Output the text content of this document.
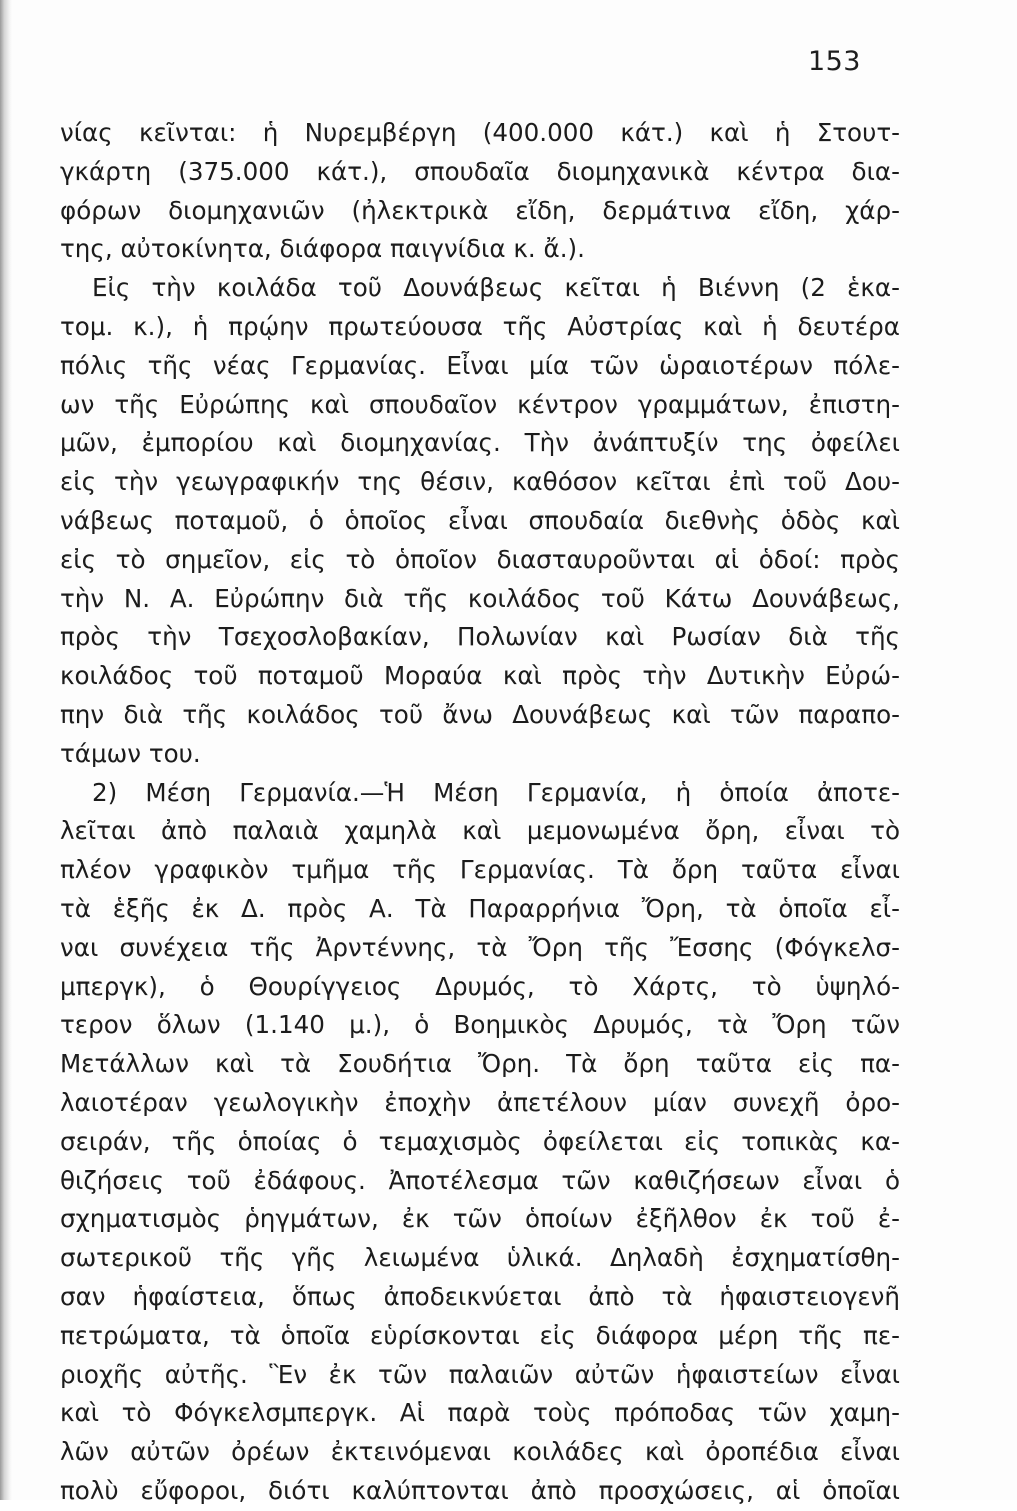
153
νίας κεῖνται: ἡ Νυρεμβέργη (400.000 κάτ.) καὶ ἡ Στουτ-
γκάρτη (375.000 κάτ.), σπουδαῖα διομηχανικὰ κέντρα δια-
φόρων διομηχανιῶν (ἠλεκτρικὰ εἴδη, δερμάτινα εἴδη, χάρ-
της, αὐτοκίνητα, διάφορα παιγνίδια κ. ἄ.).
Εἰς τὴν κοιλάδα τοῦ Δουνάβεως κεῖται ἡ Βιέννη (2 ἑκα-
τομ. κ.), ἡ πρῴην πρωτεύουσα τῆς Αὐστρίας καὶ ἡ δευτέρα
πόλις τῆς νέας Γερμανίας. Εἶναι μία τῶν ὡραιοτέρων πόλε-
ων τῆς Εὐρώπης καὶ σπουδαῖον κέντρον γραμμάτων, ἐπιστη-
μῶν, ἐμπορίου καὶ διομηχανίας. Τὴν ἀνάπτυξίν της ὀφείλει
εἰς τὴν γεωγραφικήν της θέσιν, καθόσον κεῖται ἐπὶ τοῦ Δου-
νάβεως ποταμοῦ, ὁ ὁποῖος εἶναι σπουδαία διεθνὴς ὁδὸς καὶ
εἰς τὸ σημεῖον, εἰς τὸ ὁποῖον διασταυροῦνται αἱ ὁδοί: πρὸς
τὴν Ν. Α. Εὐρώπην διὰ τῆς κοιλάδος τοῦ Κάτω Δουνάβεως,
πρὸς τὴν Τσεχοσλοβακίαν, Πολωνίαν καὶ Ρωσίαν διὰ τῆς
κοιλάδος τοῦ ποταμοῦ Μοραύα καὶ πρὸς τὴν Δυτικὴν Εὐρώ-
πην διὰ τῆς κοιλάδος τοῦ ἄνω Δουνάβεως καὶ τῶν παραπο-
τάμων του.
2) Μέση Γερμανία.—Ἡ Μέση Γερμανία, ἡ ὁποία ἀποτε-
λεῖται ἀπὸ παλαιὰ χαμηλὰ καὶ μεμονωμένα ὄρη, εἶναι τὸ
πλέον γραφικὸν τμῆμα τῆς Γερμανίας. Τὰ ὄρη ταῦτα εἶναι
τὰ ἑξῆς ἐκ Δ. πρὸς Α. Τὰ Παραρρήνια Ὄρη, τὰ ὁποῖα εἶ-
ναι συνέχεια τῆς Ἀρντέννης, τὰ Ὄρη τῆς Ἔσσης (Φόγκελσ-
μπεργκ), ὁ Θουρίγγειος Δρυμός, τὸ Χάρτς, τὸ ὑψηλό-
τερον ὅλων (1.140 μ.), ὁ Βοημικὸς Δρυμός, τὰ Ὄρη τῶν
Μετάλλων καὶ τὰ Σουδήτια Ὄρη. Τὰ ὄρη ταῦτα εἰς πα-
λαιοτέραν γεωλογικὴν ἐποχὴν ἀπετέλουν μίαν συνεχῆ ὀρο-
σειράν, τῆς ὁποίας ὁ τεμαχισμὸς ὀφείλεται εἰς τοπικὰς κα-
θιζήσεις τοῦ ἐδάφους. Ἀποτέλεσμα τῶν καθιζήσεων εἶναι ὁ
σχηματισμὸς ῥηγμάτων, ἐκ τῶν ὁποίων ἐξῆλθον ἐκ τοῦ ἐ-
σωτερικοῦ τῆς γῆς λειωμένα ὑλικά. Δηλαδὴ ἐσχηματίσθη-
σαν ἡφαίστεια, ὅπως ἀποδεικνύεται ἀπὸ τὰ ἡφαιστειογενῆ
πετρώματα, τὰ ὁποῖα εὑρίσκονται εἰς διάφορα μέρη τῆς πε-
ριοχῆς αὐτῆς. Ἓν ἐκ τῶν παλαιῶν αὐτῶν ἡφαιστείων εἶναι
καὶ τὸ Φόγκελσμπεργκ. Αἱ παρὰ τοὺς πρόποδας τῶν χαμη-
λῶν αὐτῶν ὀρέων ἐκτεινόμεναι κοιλάδες καὶ ὀροπέδια εἶναι
πολὺ εὔφοροι, διότι καλύπτονται ἀπὸ προσχώσεις, αἱ ὁποῖαι
